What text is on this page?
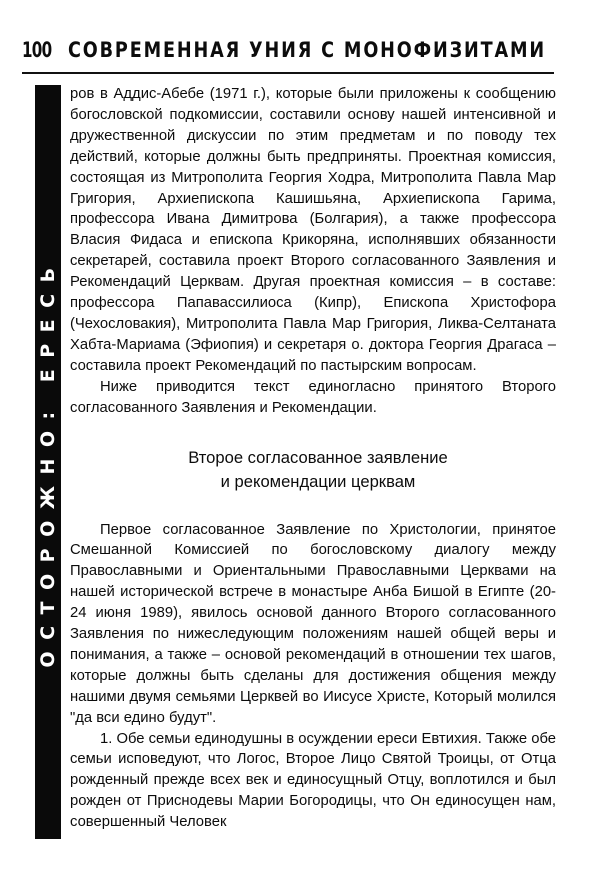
100 СОВРЕМЕННАЯ УНИЯ С МОНОФИЗИТАМИ
ОСТОРОЖНО: ЕРЕСЬ

ров в Аддис-Абебе (1971 г.), которые были приложены к сообщению богословской подкомиссии, составили основу нашей интенсивной и дружественной дискуссии по этим предметам и по поводу тех действий, которые должны быть предприняты. Проектная комиссия, состоящая из Митрополита Георгия Ходра, Митрополита Павла Мар Григория, Архиепископа Кашишьяна, Архиепископа Гарима, профессора Ивана Димитрова (Болгария), а также профессора Власия Фидаса и епископа Крикоряна, исполнявших обязанности секретарей, составила проект Второго согласованного Заявления и Рекомендаций Церквам. Другая проектная комиссия – в составе: профессора Папавассилиоса (Кипр), Епископа Христофора (Чехословакия), Митрополита Павла Мар Григория, Ликва-Селтаната Хабта-Мариама (Эфиопия) и секретаря о. доктора Георгия Драгаса – составила проект Рекомендаций по пастырским вопросам.

Ниже приводится текст единогласно принятого Второго согласованного Заявления и Рекомендации.

Второе согласованное заявление
и рекомендации церквам

Первое согласованное Заявление по Христологии, принятое Смешанной Комиссией по богословскому диалогу между Православными и Ориентальными Православными Церквами на нашей исторической встрече в монастыре Анба Бишой в Египте (20-24 июня 1989), явилось основой данного Второго согласованного Заявления по нижеследующим положениям нашей общей веры и понимания, а также – основой рекомендаций в отношении тех шагов, которые должны быть сделаны для достижения общения между нашими двумя семьями Церквей во Иисусе Христе, Который молился "да вси едино будут".

1. Обе семьи единодушны в осуждении ереси Евтихия. Также обе семьи исповедуют, что Логос, Второе Лицо Святой Троицы, от Отца рожденный прежде всех век и единосущный Отцу, воплотился и был рожден от Приснодевы Марии Богородицы, что Он единосущен нам, совершенный Человек
